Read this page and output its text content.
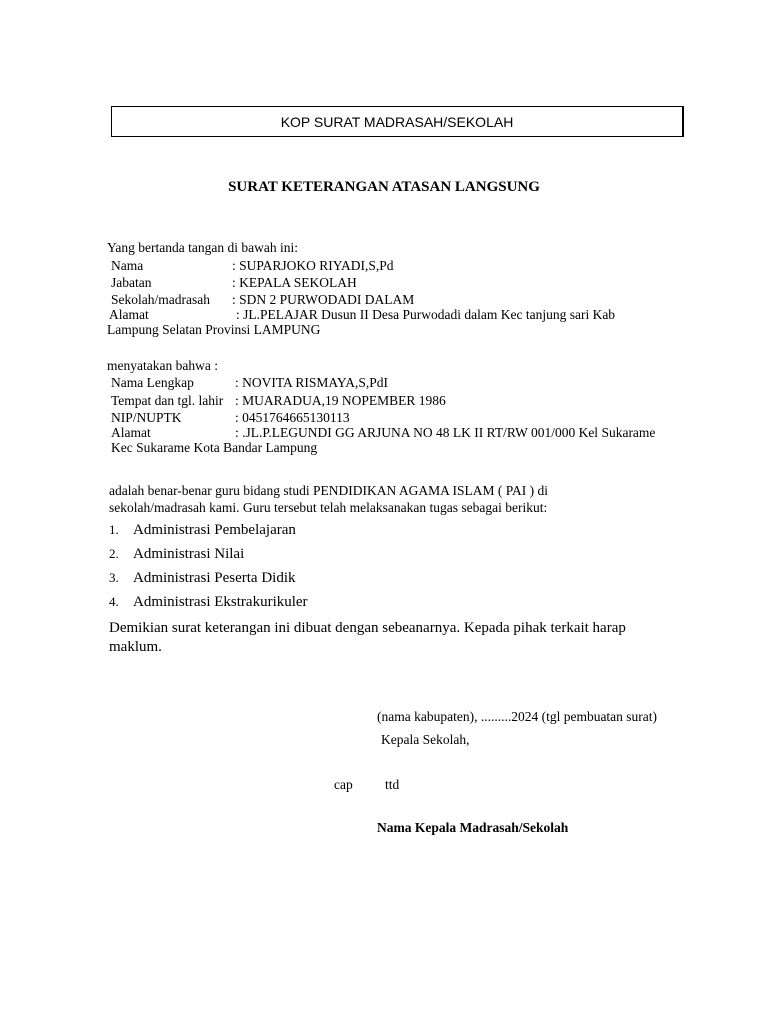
KOP SURAT MADRASAH/SEKOLAH
SURAT KETERANGAN ATASAN LANGSUNG
Yang bertanda tangan di bawah ini:
Nama	: SUPARJOKO RIYADI,S,Pd
Jabatan	: KEPALA SEKOLAH
Sekolah/madrasah : SDN 2 PURWODADI DALAM
Alamat	: JL.PELAJAR Dusun II Desa Purwodadi dalam Kec tanjung sari Kab
Lampung Selatan Provinsi LAMPUNG
menyatakan bahwa :
Nama Lengkap	: NOVITA RISMAYA,S,PdI
Tempat dan tgl. lahir : MUARADUA,19 NOPEMBER 1986
NIP/NUPTK	: 0451764665130113
Alamat	: .JL.P.LEGUNDI GG ARJUNA NO 48 LK II RT/RW 001/000 Kel Sukarame
Kec Sukarame Kota Bandar Lampung
adalah benar-benar guru bidang studi PENDIDIKAN AGAMA ISLAM ( PAI ) di
sekolah/madrasah kami. Guru tersebut telah melaksanakan tugas sebagai berikut:
1. Administrasi Pembelajaran
2. Administrasi Nilai
3. Administrasi Peserta Didik
4. Administrasi Ekstrakurikuler
Demikian surat keterangan ini dibuat dengan sebeanarnya. Kepada pihak terkait harap maklum.
(nama kabupaten), .........2024 (tgl pembuatan surat)
Kepala Sekolah,
cap ttd
Nama Kepala Madrasah/Sekolah
